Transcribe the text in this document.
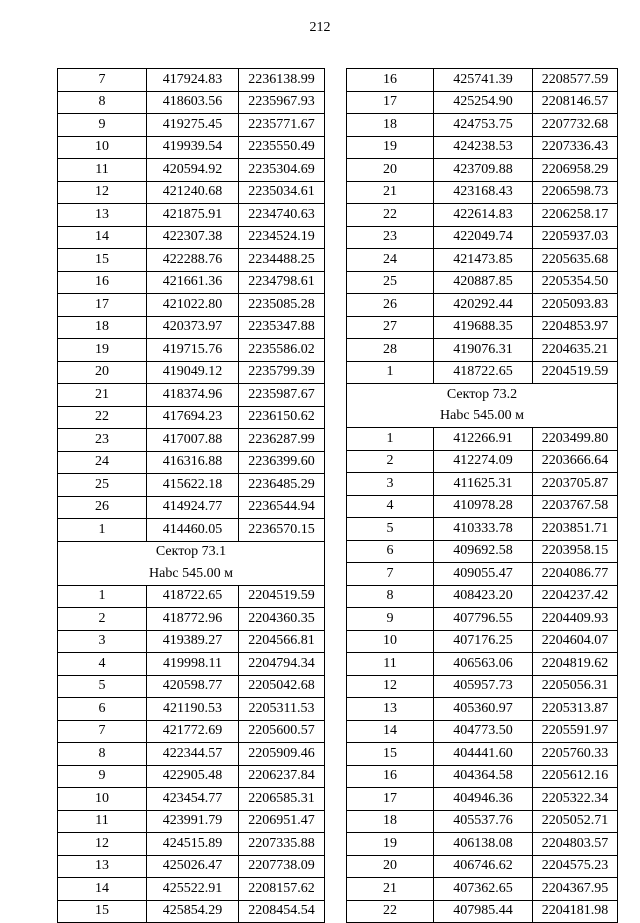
212
7	417924.83	2236138.99
8	418603.56	2235967.93
9	419275.45	2235771.67
10	419939.54	2235550.49
11	420594.92	2235304.69
12	421240.68	2235034.61
13	421875.91	2234740.63
14	422307.38	2234524.19
15	422288.76	2234488.25
16	421661.36	2234798.61
17	421022.80	2235085.28
18	420373.97	2235347.88
19	419715.76	2235586.02
20	419049.12	2235799.39
21	418374.96	2235987.67
22	417694.23	2236150.62
23	417007.88	2236287.99
24	416316.88	2236399.60
25	415622.18	2236485.29
26	414924.77	2236544.94
1	414460.05	2236570.15
Сектор 73.1		
Нabc 545.00 м		
1	418722.65	2204519.59
2	418772.96	2204360.35
3	419389.27	2204566.81
4	419998.11	2204794.34
5	420598.77	2205042.68
6	421190.53	2205311.53
7	421772.69	2205600.57
8	422344.57	2205909.46
9	422905.48	2206237.84
10	423454.77	2206585.31
11	423991.79	2206951.47
12	424515.89	2207335.88
13	425026.47	2207738.09
14	425522.91	2208157.62
15	425854.29	2208454.54
16	425741.39	2208577.59
17	425254.90	2208146.57
18	424753.75	2207732.68
19	424238.53	2207336.43
20	423709.88	2206958.29
21	423168.43	2206598.73
22	422614.83	2206258.17
23	422049.74	2205937.03
24	421473.85	2205635.68
25	420887.85	2205354.50
26	420292.44	2205093.83
27	419688.35	2204853.97
28	419076.31	2204635.21
1	418722.65	2204519.59
Сектор 73.2		
Нabc 545.00 м		
1	412266.91	2203499.80
2	412274.09	2203666.64
3	411625.31	2203705.87
4	410978.28	2203767.58
5	410333.78	2203851.71
6	409692.58	2203958.15
7	409055.47	2204086.77
8	408423.20	2204237.42
9	407796.55	2204409.93
10	407176.25	2204604.07
11	406563.06	2204819.62
12	405957.73	2205056.31
13	405360.97	2205313.87
14	404773.50	2205591.97
15	404441.60	2205760.33
16	404364.58	2205612.16
17	404946.36	2205322.34
18	405537.76	2205052.71
19	406138.08	2204803.57
20	406746.62	2204575.23
21	407362.65	2204367.95
22	407985.44	2204181.98
